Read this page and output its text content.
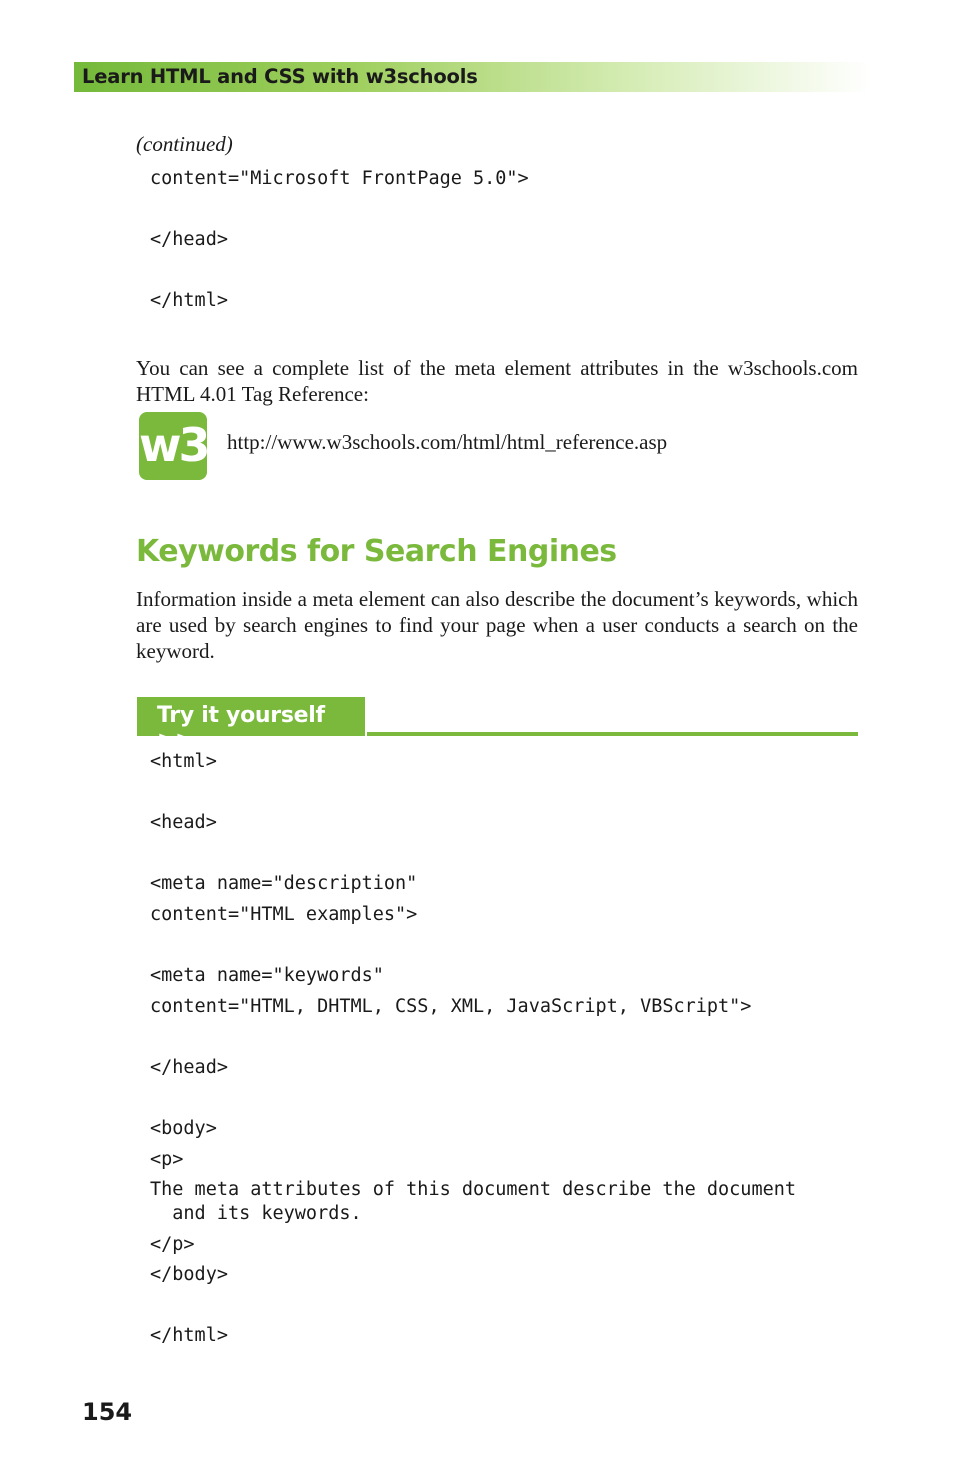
Learn HTML and CSS with w3schools
(continued)
content="Microsoft FrontPage 5.0">
</head>
</html>

You can see a complete list of the meta element attributes in the w3schools.com HTML 4.01 Tag Reference:

w3 http://www.w3schools.com/html/html_reference.asp
Keywords for Search Engines

Information inside a meta element can also describe the document’s keywords, which are used by search engines to find your page when a user conducts a search on the keyword.

Try it yourself >>
<html>
<head>
<meta name="description"
content="HTML examples">
<meta name="keywords"
content="HTML, DHTML, CSS, XML, JavaScript, VBScript">
</head>
<body>
<p>
The meta attributes of this document describe the document
and its keywords.
</p>
</body>
</html>
154
